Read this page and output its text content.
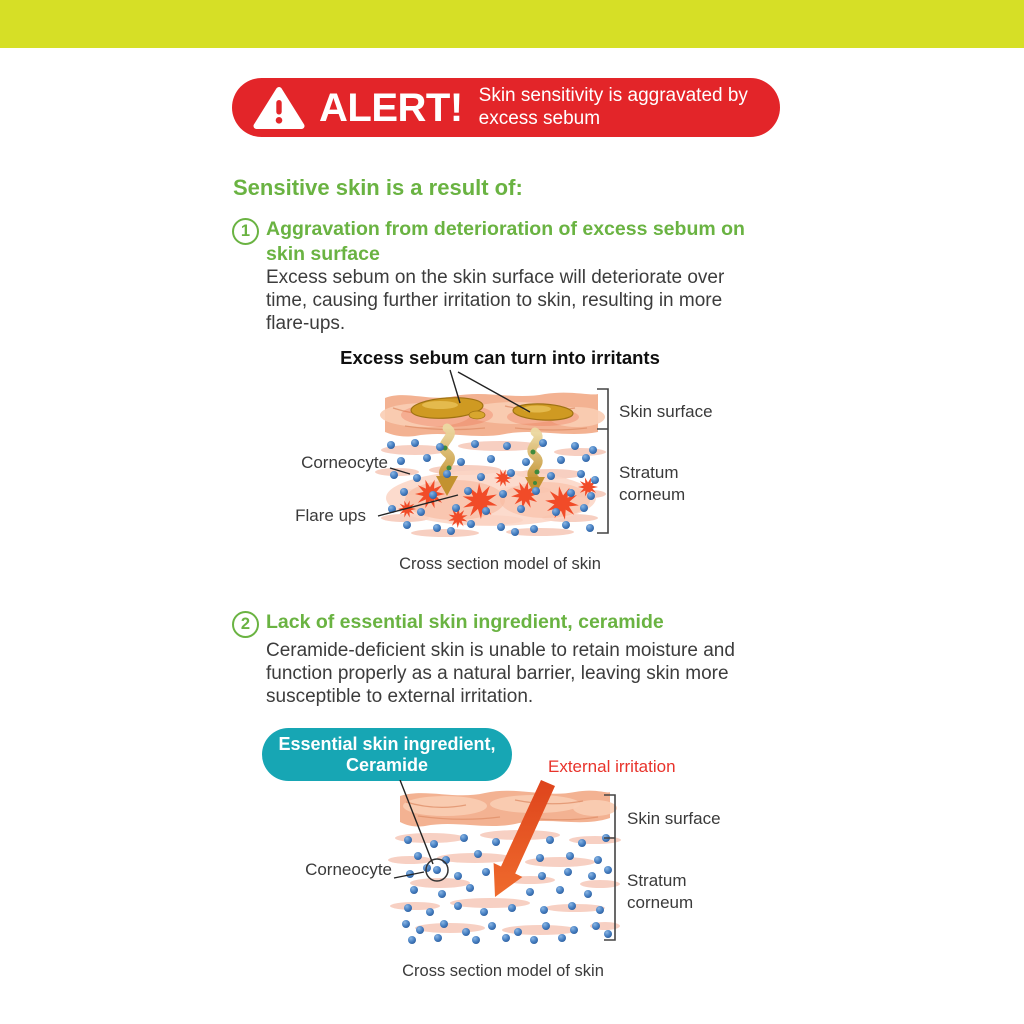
ALERT! Skin sensitivity is aggravated by excess sebum
Sensitive skin is a result of:
1 Aggravation from deterioration of excess sebum on skin surface
Excess sebum on the skin surface will deteriorate over time, causing further irritation to skin, resulting in more flare-ups.
Excess sebum can turn into irritants
Corneocyte
Flare ups
Skin surface
Stratum corneum
Cross section model of skin
2 Lack of essential skin ingredient, ceramide
Ceramide-deficient skin is unable to retain moisture and function properly as a natural barrier, leaving skin more susceptible to external irritation.
Essential skin ingredient, Ceramide	External irritation
Corneocyte
Skin surface
Stratum corneum
Cross section model of skin
